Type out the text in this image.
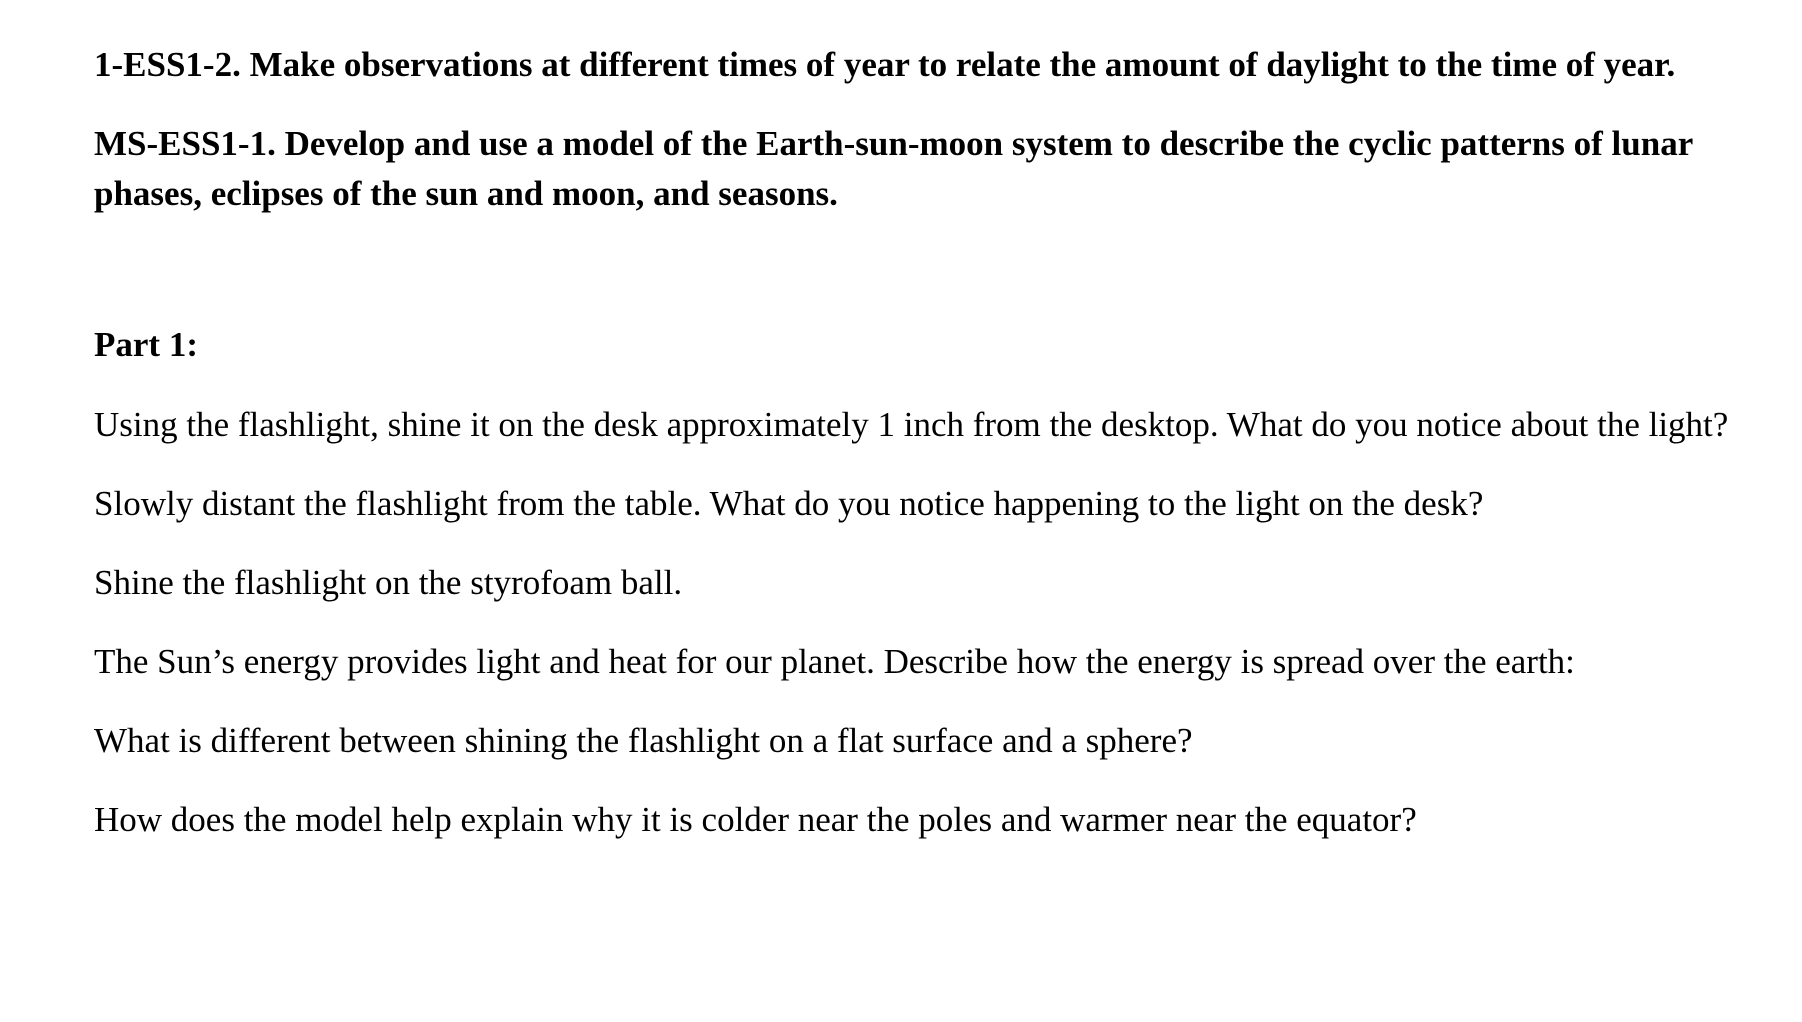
1-ESS1-2. Make observations at different times of year to relate the amount of daylight to the time of year.

MS-ESS1-1. Develop and use a model of the Earth-sun-moon system to describe the cyclic patterns of lunar phases, eclipses of the sun and moon, and seasons.

Part 1:

Using the flashlight, shine it on the desk approximately 1 inch from the desktop. What do you notice about the light?

Slowly distant the flashlight from the table. What do you notice happening to the light on the desk?

Shine the flashlight on the styrofoam ball.

The Sun’s energy provides light and heat for our planet. Describe how the energy is spread over the earth:

What is different between shining the flashlight on a flat surface and a sphere?

How does the model help explain why it is colder near the poles and warmer near the equator?
